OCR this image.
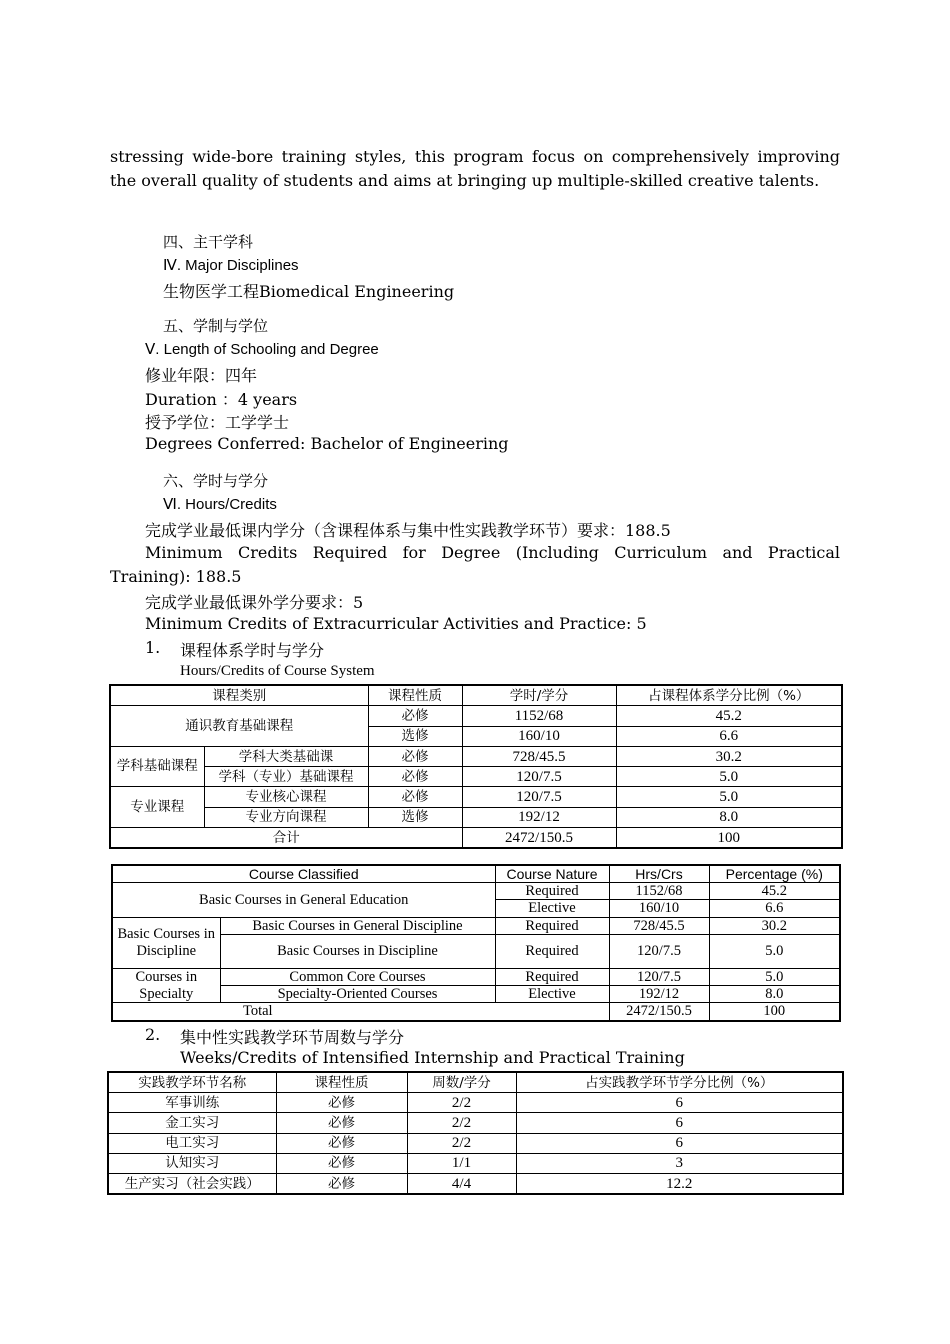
stressing wide-bore training styles, this program focus on comprehensively improving the overall quality of students and aims at bringing up multiple-skilled creative talents.
四、主干学科
Ⅳ. Major Disciplines
生物医学工程Biomedical Engineering
五、学制与学位
Ⅴ. Length of Schooling and Degree
修业年限：四年
Duration ：4 years
授予学位：工学学士
Degrees Conferred: Bachelor of Engineering
六、学时与学分
Ⅵ. Hours/Credits
完成学业最低课内学分（含课程体系与集中性实践教学环节）要求：188.5
Minimum Credits Required for Degree (Including Curriculum and Practical Training): 188.5
完成学业最低课外学分要求：5
Minimum Credits of Extracurricular Activities and Practice: 5
1. 课程体系学时与学分
Hours/Credits of Course System
课程类别		课程性质	学时/学分	占课程体系学分比例（%）
通识教育基础课程		必修	1152/68	45.2
		选修	160/10	6.6
学科基础课程	学科大类基础课	必修	728/45.5	30.2
	学科（专业）基础课程	必修	120/7.5	5.0
专业课程	专业核心课程	必修	120/7.5	5.0
	专业方向课程	选修	192/12	8.0
合计			2472/150.5	100
Course Classified		Course Nature	Hrs/Crs	Percentage (%)
Basic Courses in General Education		Required	1152/68	45.2
		Elective	160/10	6.6
Basic Courses in Discipline	Basic Courses in General Discipline	Required	728/45.5	30.2
	Basic Courses in Discipline	Required	120/7.5	5.0
Courses in Specialty	Common Core Courses	Required	120/7.5	5.0
	Specialty-Oriented Courses	Elective	192/12	8.0
Total			2472/150.5	100
2. 集中性实践教学环节周数与学分
Weeks/Credits of Intensified Internship and Practical Training
实践教学环节名称	课程性质	周数/学分	占实践教学环节学分比例（%）
军事训练	必修	2/2	6
金工实习	必修	2/2	6
电工实习	必修	2/2	6
认知实习	必修	1/1	3
生产实习（社会实践）	必修	4/4	12.2
